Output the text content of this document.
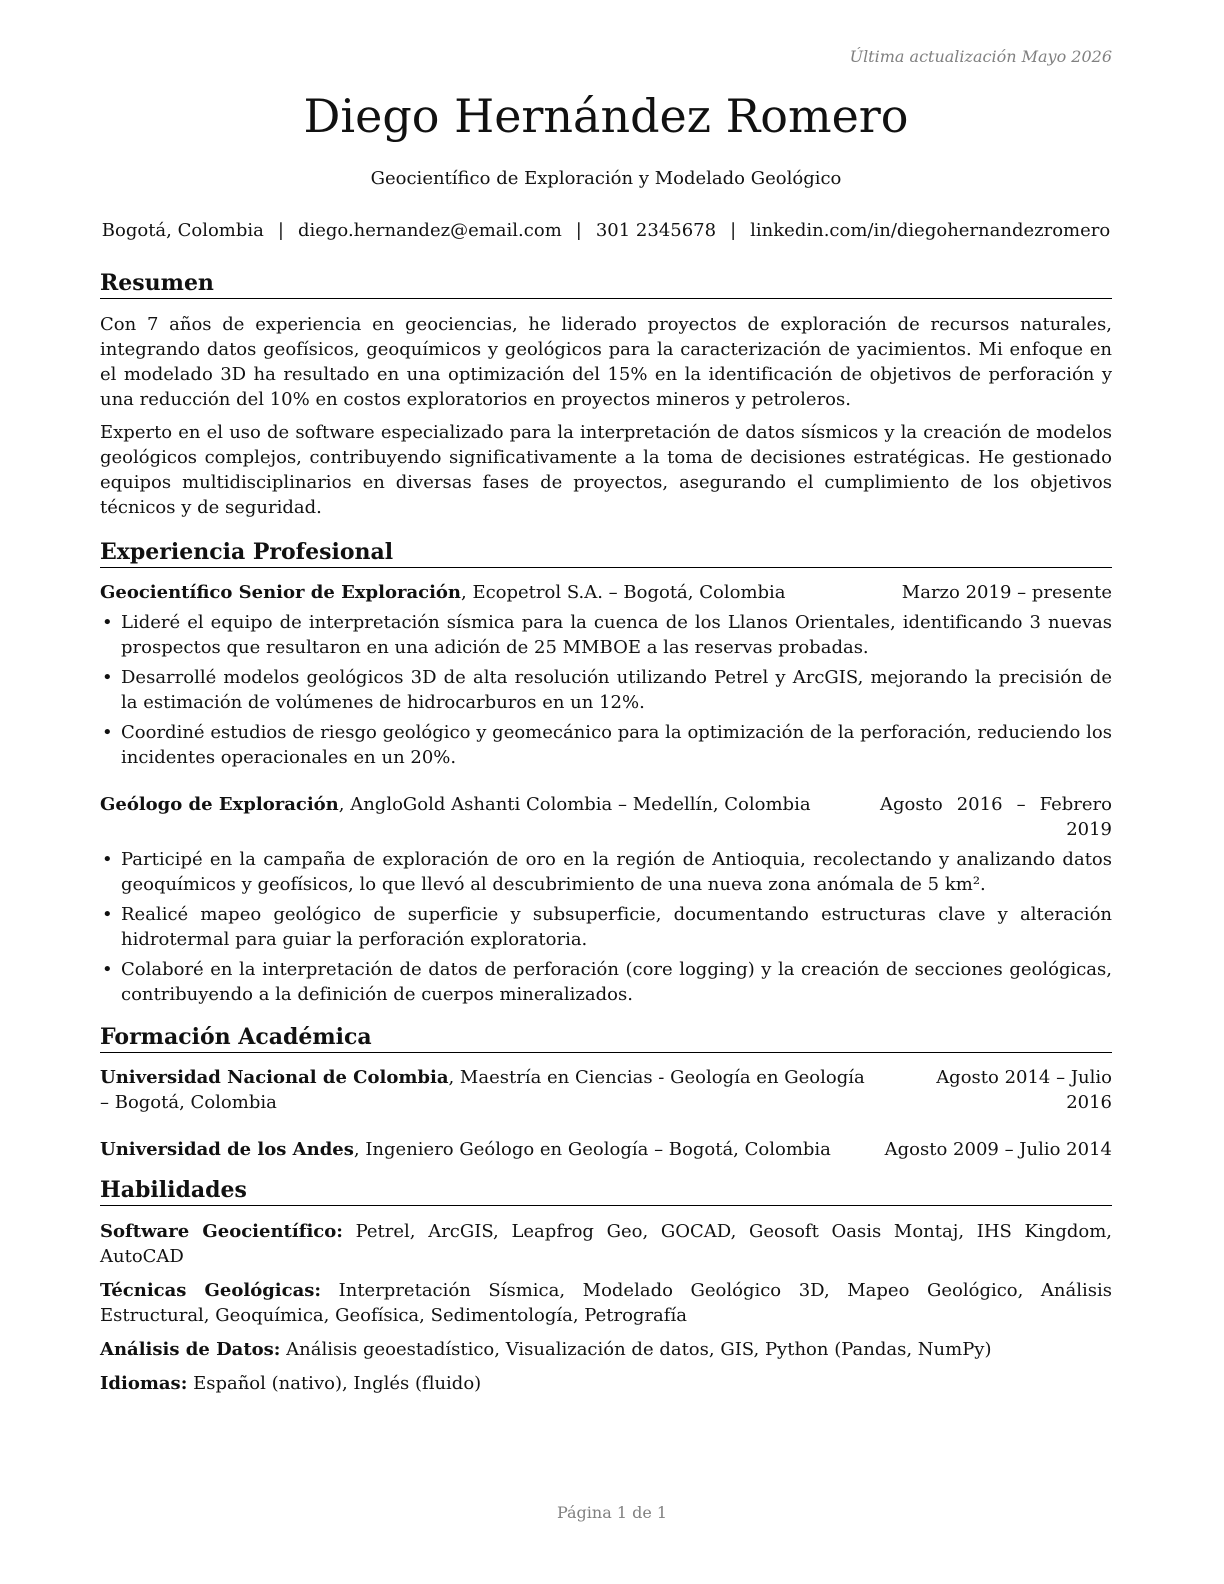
Última actualización Mayo 2026
Diego Hernández Romero
Geocientífico de Exploración y Modelado Geológico
Bogotá, Colombia | diego.hernandez@email.com | 301 2345678 | linkedin.com/in/diegohernandezromero
Resumen

Con 7 años de experiencia en geociencias, he liderado proyectos de exploración de recursos naturales, integrando datos geofísicos, geoquímicos y geológicos para la caracterización de yacimientos. Mi enfoque en el modelado 3D ha resultado en una optimización del 15% en la identificación de objetivos de perforación y una reducción del 10% en costos exploratorios en proyectos mineros y petroleros.

Experto en el uso de software especializado para la interpretación de datos sísmicos y la creación de modelos geológicos complejos, contribuyendo significativamente a la toma de decisiones estratégicas. He gestionado equipos multidisciplinarios en diversas fases de proyectos, asegurando el cumplimiento de los objetivos técnicos y de seguridad.

Experiencia Profesional
Geocientífico Senior de Exploración, Ecopetrol S.A. – Bogotá, Colombia	Marzo 2019 – presente
• Lideré el equipo de interpretación sísmica para la cuenca de los Llanos Orientales, identificando 3 nuevas prospectos que resultaron en una adición de 25 MMBOE a las reservas probadas.
• Desarrollé modelos geológicos 3D de alta resolución utilizando Petrel y ArcGIS, mejorando la precisión de la estimación de volúmenes de hidrocarburos en un 12%.
• Coordiné estudios de riesgo geológico y geomecánico para la optimización de la perforación, reduciendo los incidentes operacionales en un 20%.
Geólogo de Exploración, AngloGold Ashanti Colombia – Medellín, Colombia	Agosto 2016 – Febrero 2019
• Participé en la campaña de exploración de oro en la región de Antioquia, recolectando y analizando datos geoquímicos y geofísicos, lo que llevó al descubrimiento de una nueva zona anómala de 5 km².
• Realicé mapeo geológico de superficie y subsuperficie, documentando estructuras clave y alteración hidrotermal para guiar la perforación exploratoria.
• Colaboré en la interpretación de datos de perforación (core logging) y la creación de secciones geológicas, contribuyendo a la definición de cuerpos mineralizados.
Formación Académica
Universidad Nacional de Colombia, Maestría en Ciencias - Geología en Geología – Bogotá, Colombia
Agosto 2014 – Julio 2016
Universidad de los Andes, Ingeniero Geólogo en Geología – Bogotá, Colombia	Agosto 2009 – Julio 2014
Habilidades
Software Geocientífico: Petrel, ArcGIS, Leapfrog Geo, GOCAD, Geosoft Oasis Montaj, IHS Kingdom, AutoCAD
Técnicas Geológicas: Interpretación Sísmica, Modelado Geológico 3D, Mapeo Geológico, Análisis Estructural, Geoquímica, Geofísica, Sedimentología, Petrografía
Análisis de Datos: Análisis geoestadístico, Visualización de datos, GIS, Python (Pandas, NumPy)
Idiomas: Español (nativo), Inglés (fluido)
Página 1 de 1
